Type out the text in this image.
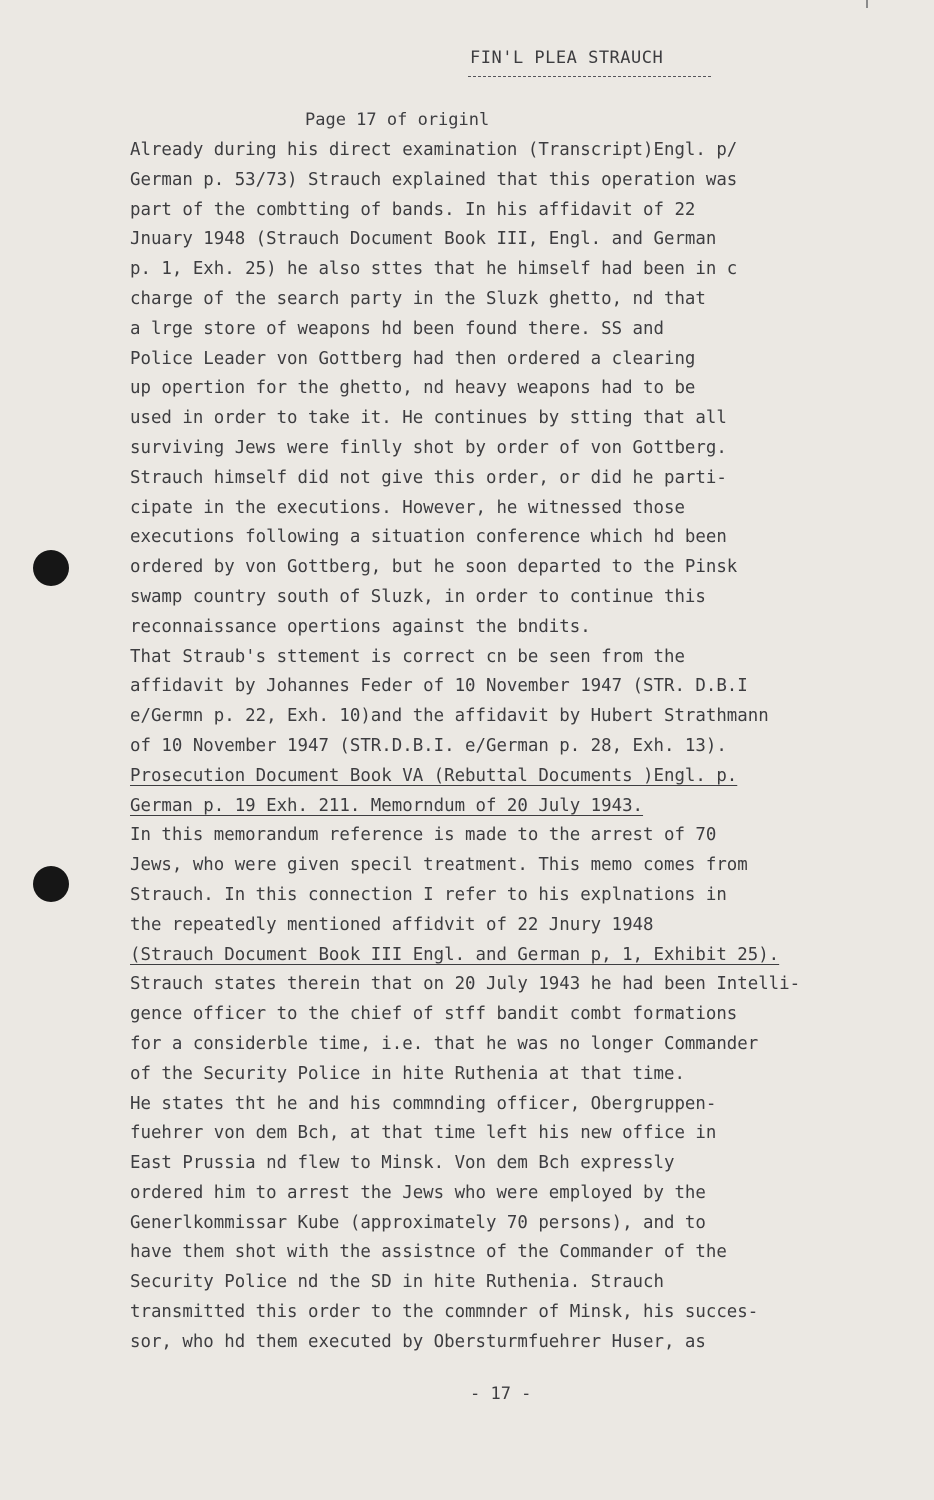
FIN'L PLEA STRAUCH
Page 17 of originl
Already during his direct examination (Transcript)Engl. p/
German p. 53/73) Strauch explained that this operation was
part of the combtting of bands. In his affidavit of 22
Jnuary 1948 (Strauch Document Book III, Engl. and German
p. 1, Exh. 25) he also sttes that he himself had been in c
charge of the search party in the Sluzk ghetto, nd that
a lrge store of weapons hd been found there. SS and
Police Leader von Gottberg had then ordered a clearing
up opertion for the ghetto, nd heavy weapons had to be
used in order to take it. He continues by stting that all
surviving Jews were finlly shot by order of von Gottberg.
Strauch himself did not give this order, or did he parti-
cipate in the executions. However, he witnessed those
executions following a situation conference which hd been
ordered by von Gottberg, but he soon departed to the Pinsk
swamp country south of Sluzk, in order to continue this
reconnaissance opertions against the bndits.
That Straub's sttement is correct cn be seen from the
affidavit by Johannes Feder of 10 November 1947 (STR. D.B.I
e/Germn p. 22, Exh. 10)and the affidavit by Hubert Strathmann
of 10 November 1947 (STR.D.B.I. e/German p. 28, Exh. 13).
Prosecution Document Book VA (Rebuttal Documents )Engl. p.
German p. 19 Exh. 211. Memorndum of 20 July 1943.
In this memorandum reference is made to the arrest of 70
Jews, who were given specil treatment. This memo comes from
Strauch. In this connection I refer to his explnations in
the repeatedly mentioned affidvit of 22 Jnury 1948
(Strauch Document Book III Engl. and German p, 1, Exhibit 25).
Strauch states therein that on 20 July 1943 he had been Intelli-
gence officer to the chief of stff bandit combt formations
for a considerble time, i.e. that he was no longer Commander
of the Security Police in hite Ruthenia at that time.
He states tht he and his commnding officer, Obergruppen-
fuehrer von dem Bch, at that time left his new office in
East Prussia nd flew to Minsk. Von dem Bch expressly
ordered him to arrest the Jews who were employed by the
Generlkommissar Kube (approximately 70 persons), and to
have them shot with the assistnce of the Commander of the
Security Police nd the SD in hite Ruthenia. Strauch
transmitted this order to the commnder of Minsk, his succes-
sor, who hd them executed by Obersturmfuehrer Huser, as
- 17 -
